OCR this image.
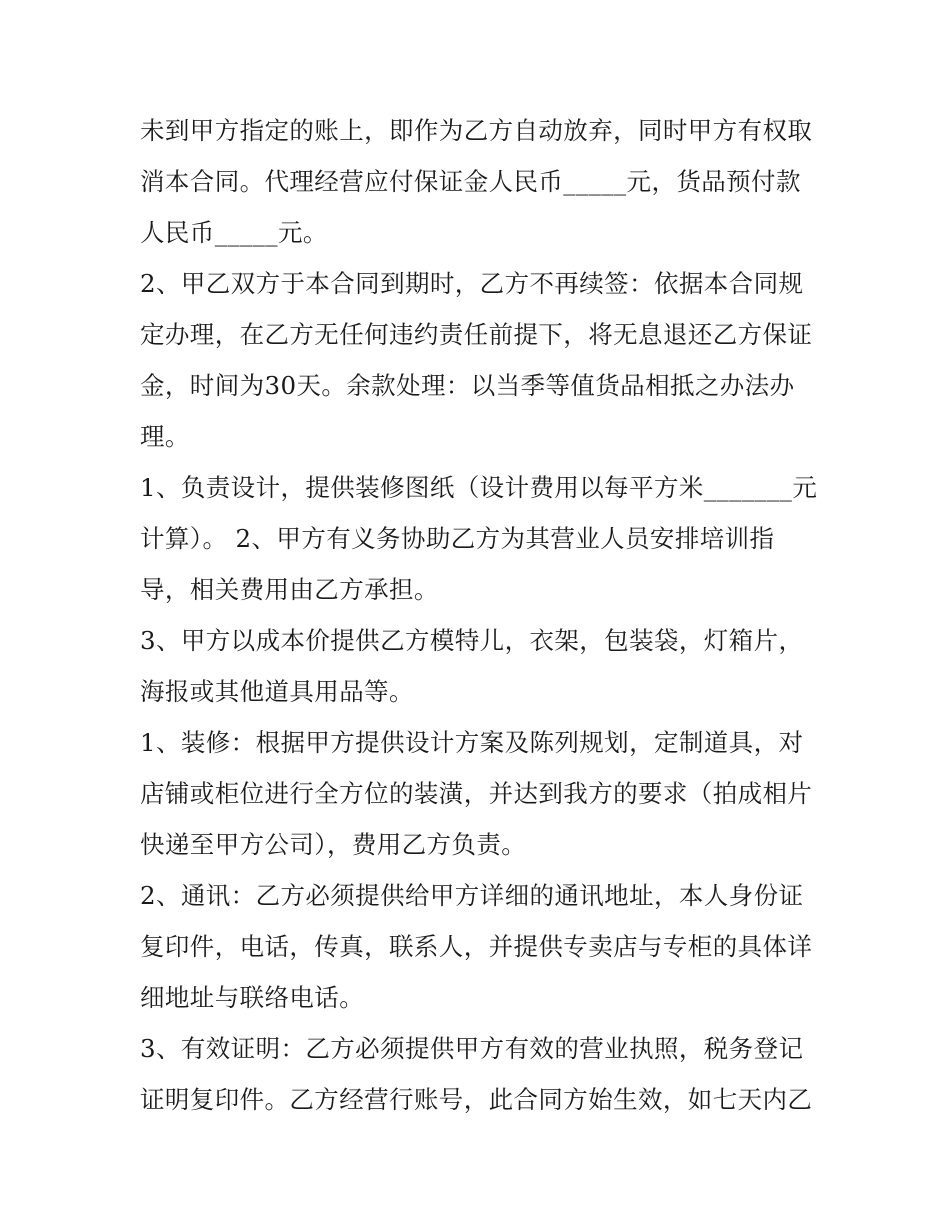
未到甲方指定的账上，即作为乙方自动放弃，同时甲方有权取
消本合同。代理经营应付保证金人民币_____元，货品预付款
人民币_____元。
2、甲乙双方于本合同到期时，乙方不再续签：依据本合同规
定办理，在乙方无任何违约责任前提下，将无息退还乙方保证
金，时间为30天。余款处理：以当季等值货品相抵之办法办
理。
1、负责设计，提供装修图纸（设计费用以每平方米_______元
计算）。 2、甲方有义务协助乙方为其营业人员安排培训指
导，相关费用由乙方承担。
3、甲方以成本价提供乙方模特儿，衣架，包装袋，灯箱片，
海报或其他道具用品等。
1、装修：根据甲方提供设计方案及陈列规划，定制道具，对
店铺或柜位进行全方位的装潢，并达到我方的要求（拍成相片
快递至甲方公司），费用乙方负责。
2、通讯：乙方必须提供给甲方详细的通讯地址，本人身份证
复印件，电话，传真，联系人，并提供专卖店与专柜的具体详
细地址与联络电话。
3、有效证明：乙方必须提供甲方有效的营业执照，税务登记
证明复印件。乙方经营行账号，此合同方始生效，如七天内乙
